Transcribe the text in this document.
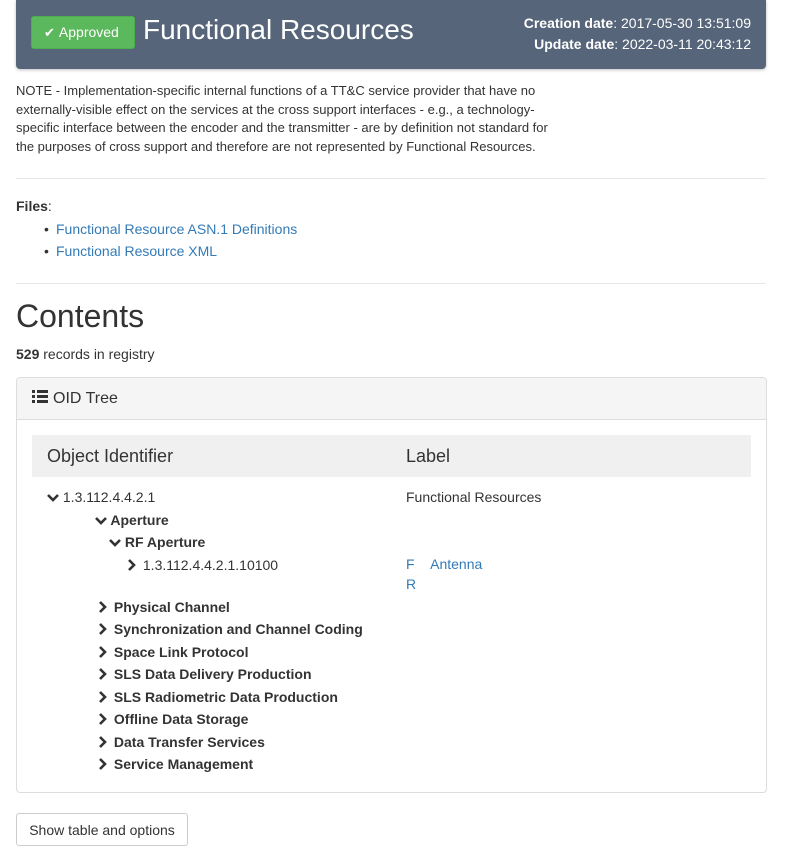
✔ Approved Functional Resources	Creation date: 2017-05-30 13:51:09
Update date: 2022-03-11 20:43:12
NOTE - Implementation-specific internal functions of a TT&C service provider that have no externally-visible effect on the services at the cross support interfaces - e.g., a technology-specific interface between the encoder and the transmitter - are by definition not standard for the purposes of cross support and therefore are not represented by Functional Resources.
Files:
• Functional Resource ASN.1 Definitions
• Functional Resource XML
Contents
529 records in registry
OID Tree
Object Identifier	Label
1.3.112.4.4.2.1	Functional Resources
Aperture
RF Aperture
1.3.112.4.4.2.1.10100	F Antenna
R
Physical Channel
Synchronization and Channel Coding
Space Link Protocol
SLS Data Delivery Production
SLS Radiometric Data Production
Offline Data Storage
Data Transfer Services
Service Management
Show table and options
